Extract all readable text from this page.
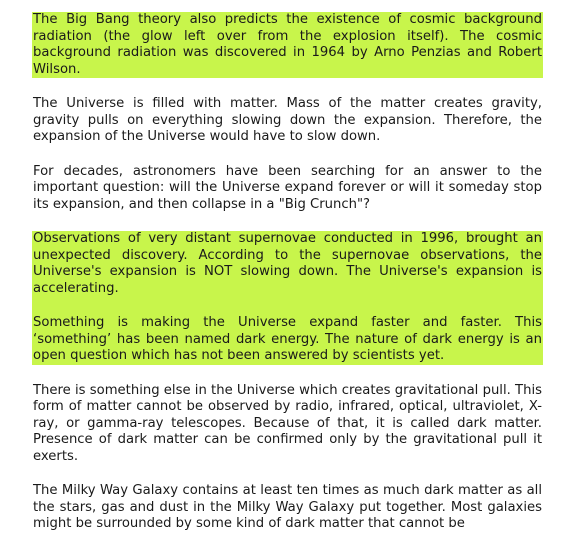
The Big Bang theory also predicts the existence of cosmic background radiation (the glow left over from the explosion itself). The cosmic background radiation was discovered in 1964 by Arno Penzias and Robert Wilson.

The Universe is filled with matter. Mass of the matter creates gravity, gravity pulls on everything slowing down the expansion. Therefore, the expansion of the Universe would have to slow down.

For decades, astronomers have been searching for an answer to the important question: will the Universe expand forever or will it someday stop its expansion, and then collapse in a "Big Crunch"?

Observations of very distant supernovae conducted in 1996, brought an unexpected discovery. According to the supernovae observations, the Universe's expansion is NOT slowing down. The Universe's expansion is accelerating.

Something is making the Universe expand faster and faster. This ‘something’ has been named dark energy. The nature of dark energy is an open question which has not been answered by scientists yet.

There is something else in the Universe which creates gravitational pull. This form of matter cannot be observed by radio, infrared, optical, ultraviolet, X-ray, or gamma-ray telescopes. Because of that, it is called dark matter. Presence of dark matter can be confirmed only by the gravitational pull it exerts.

The Milky Way Galaxy contains at least ten times as much dark matter as all the stars, gas and dust in the Milky Way Galaxy put together. Most galaxies might be surrounded by some kind of dark matter that cannot be
